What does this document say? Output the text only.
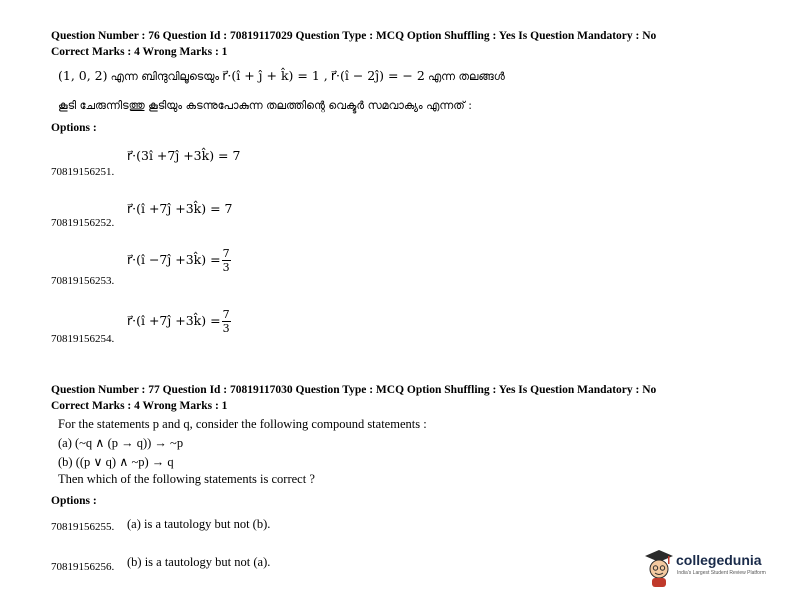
Question Number : 76 Question Id : 70819117029 Question Type : MCQ Option Shuffling : Yes Is Question Mandatory : No
Correct Marks : 4 Wrong Marks : 1
(1, 0, 2) എന്ന ബിന്ദുവിലൂടെയും r⃗·(î + ĵ + k̂) = 1 , r⃗·(î − 2ĵ) = − 2 എന്ന തലങ്ങൾ
കൂടി ചേരുന്നിടത്തു കൂടിയും കടന്നുപോകുന്ന തലത്തിന്റെ വെക്ടർ സമവാക്യം എന്നത് :
Options :
r⃗·(3î +7ĵ +3k̂) = 7
70819156251.
r⃗·(î +7ĵ +3k̂) = 7
70819156252.
r⃗·(î −7ĵ +3k̂) = $\frac{7}{3}$
70819156253.
r⃗·(î +7ĵ +3k̂) = $\frac{7}{3}$
70819156254.
Question Number : 77 Question Id : 70819117030 Question Type : MCQ Option Shuffling : Yes Is Question Mandatory : No
Correct Marks : 4 Wrong Marks : 1
For the statements p and q, consider the following compound statements :
(a) (~q ∧ (p → q)) → ~p
(b) ((p ∨ q) ∧ ~p) → q
Then which of the following statements is correct ?
Options :
70819156255. (a) is a tautology but not (b).
70819156256. (b) is a tautology but not (a).	collegedunia
India's Largest Student Review Platform
